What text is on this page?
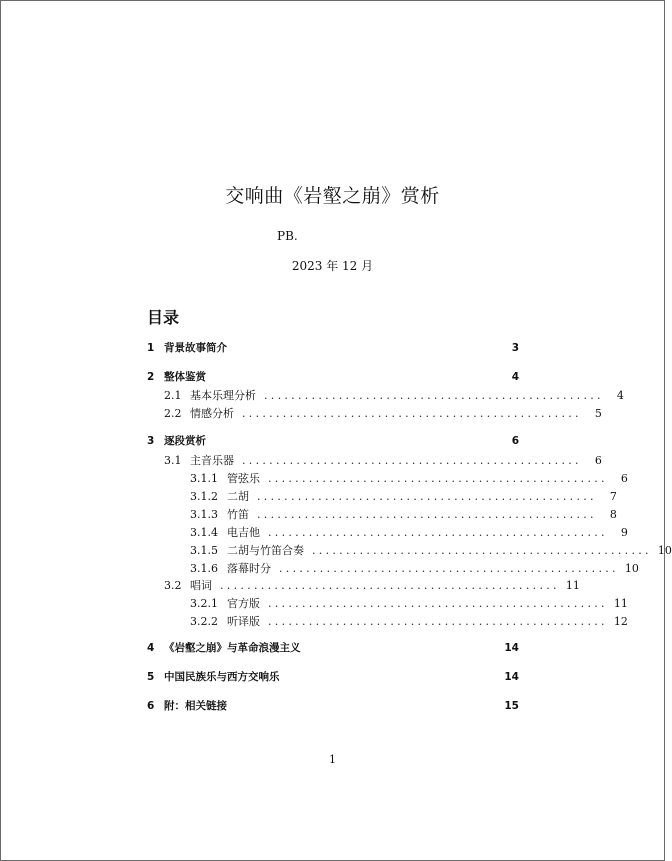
交响曲《岩壑之崩》赏析
PB.
2023 年 12 月
目录
1 背景故事简介	3
2 整体鉴赏	4
2.1 基本乐理分析 ..................................................	4
2.2 情感分析 ..................................................	5
3 逐段赏析	6
3.1 主音乐器 ..................................................	6
3.1.1 管弦乐 ..................................................	6
3.1.2 二胡 ..................................................	7
3.1.3 竹笛 ..................................................	8
3.1.4 电吉他 ..................................................	9
3.1.5 二胡与竹笛合奏 .................................................. 10
3.1.6 落幕时分 .................................................. 10
3.2 唱词 .................................................. 11
3.2.1 官方版 .................................................. 11
3.2.2 听译版 .................................................. 12
4 《岩壑之崩》与革命浪漫主义	14
5 中国民族乐与西方交响乐	14
6 附：相关链接	15
1
